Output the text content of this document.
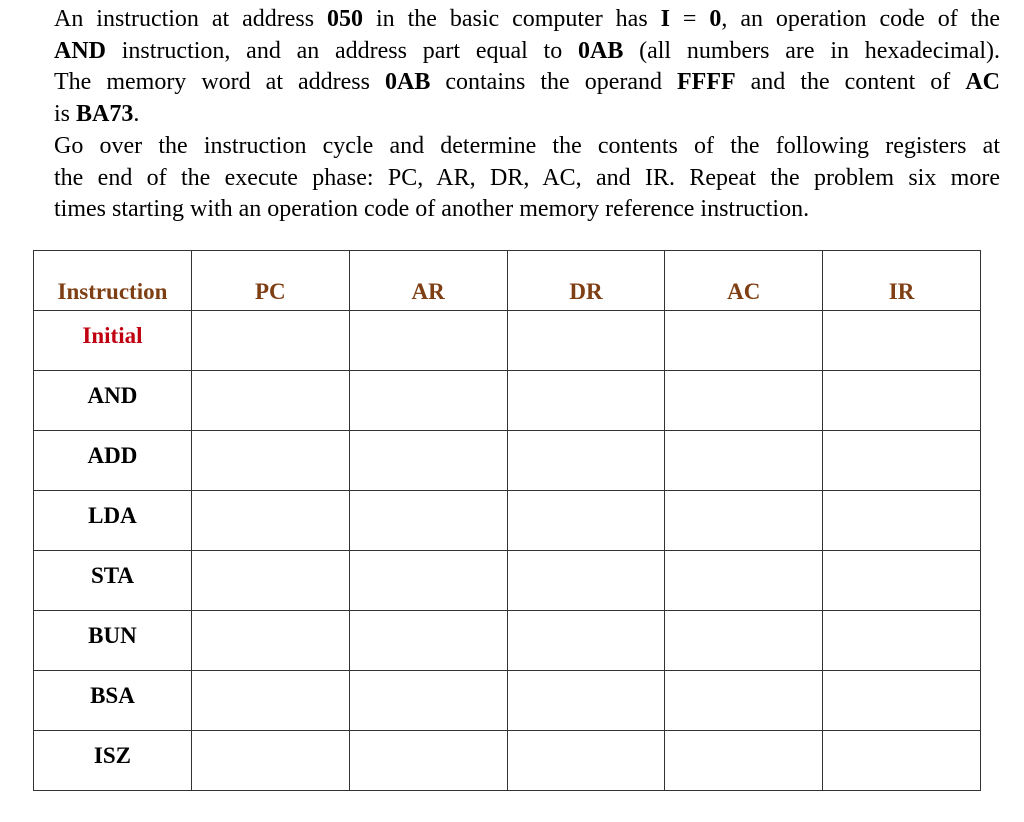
An instruction at address 050 in the basic computer has I = 0, an operation code of the
AND instruction, and an address part equal to 0AB (all numbers are in hexadecimal).
The memory word at address 0AB contains the operand FFFF and the content of AC
is BA73.
Go over the instruction cycle and determine the contents of the following registers at
the end of the execute phase: PC, AR, DR, AC, and IR. Repeat the problem six more
times starting with an operation code of another memory reference instruction.
Instruction	PC	AR	DR	AC	IR
Initial					
AND					
ADD					
LDA					
STA					
BUN					
BSA					
ISZ					
